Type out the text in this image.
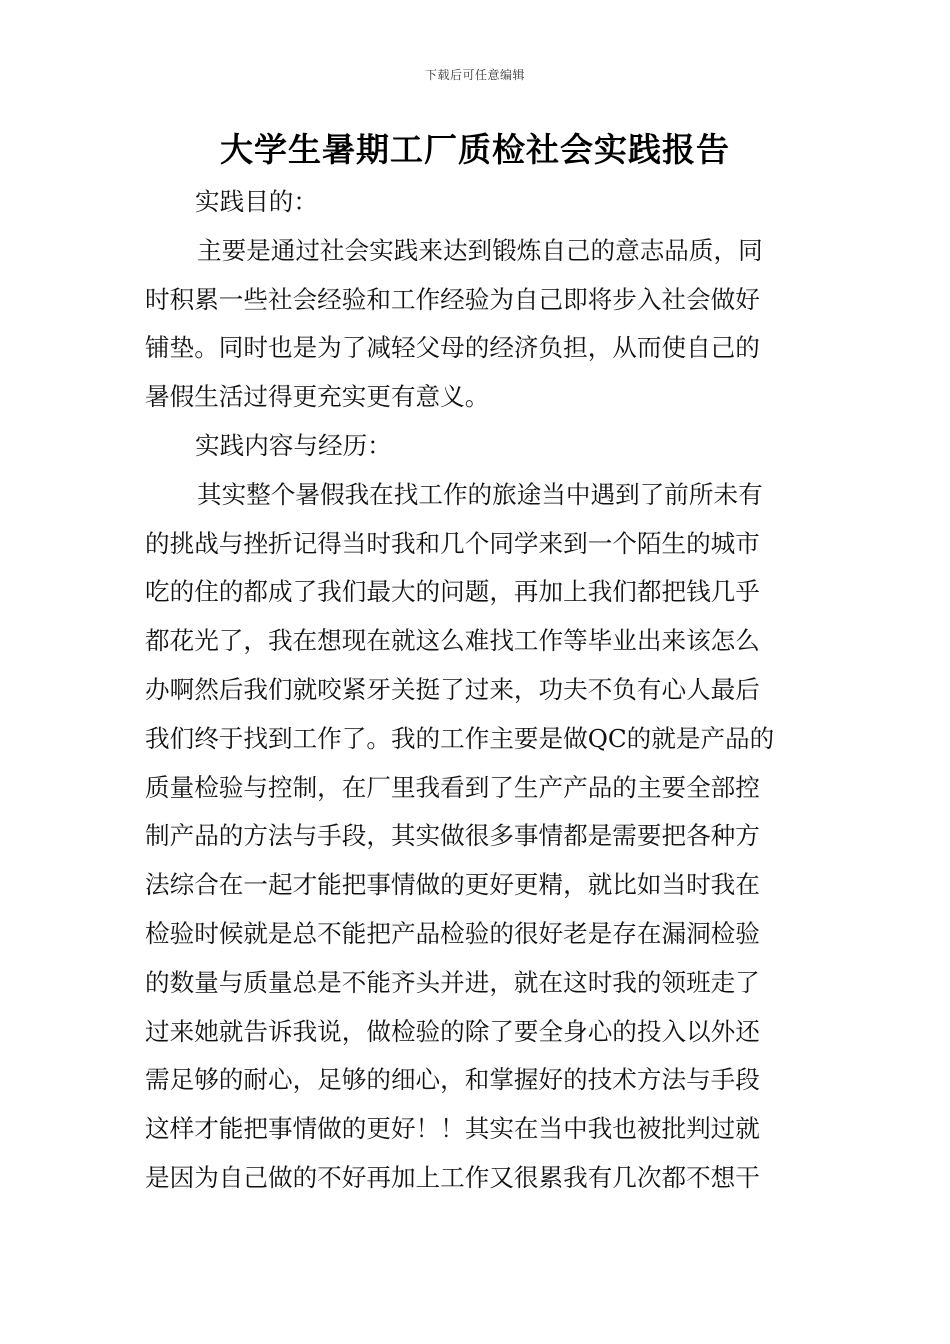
下载后可任意编辑
大学生暑期工厂质检社会实践报告
实践目的：
主要是通过社会实践来达到锻炼自己的意志品质，同
时积累一些社会经验和工作经验为自己即将步入社会做好
铺垫。同时也是为了减轻父母的经济负担，从而使自己的
暑假生活过得更充实更有意义。
实践内容与经历：
其实整个暑假我在找工作的旅途当中遇到了前所未有
的挑战与挫折记得当时我和几个同学来到一个陌生的城市
吃的住的都成了我们最大的问题，再加上我们都把钱几乎
都花光了，我在想现在就这么难找工作等毕业出来该怎么
办啊然后我们就咬紧牙关挺了过来，功夫不负有心人最后
我们终于找到工作了。我的工作主要是做QC的就是产品的
质量检验与控制，在厂里我看到了生产产品的主要全部控
制产品的方法与手段，其实做很多事情都是需要把各种方
法综合在一起才能把事情做的更好更精，就比如当时我在
检验时候就是总不能把产品检验的很好老是存在漏洞检验
的数量与质量总是不能齐头并进，就在这时我的领班走了
过来她就告诉我说，做检验的除了要全身心的投入以外还
需足够的耐心，足够的细心，和掌握好的技术方法与手段
这样才能把事情做的更好！！其实在当中我也被批判过就
是因为自己做的不好再加上工作又很累我有几次都不想干
